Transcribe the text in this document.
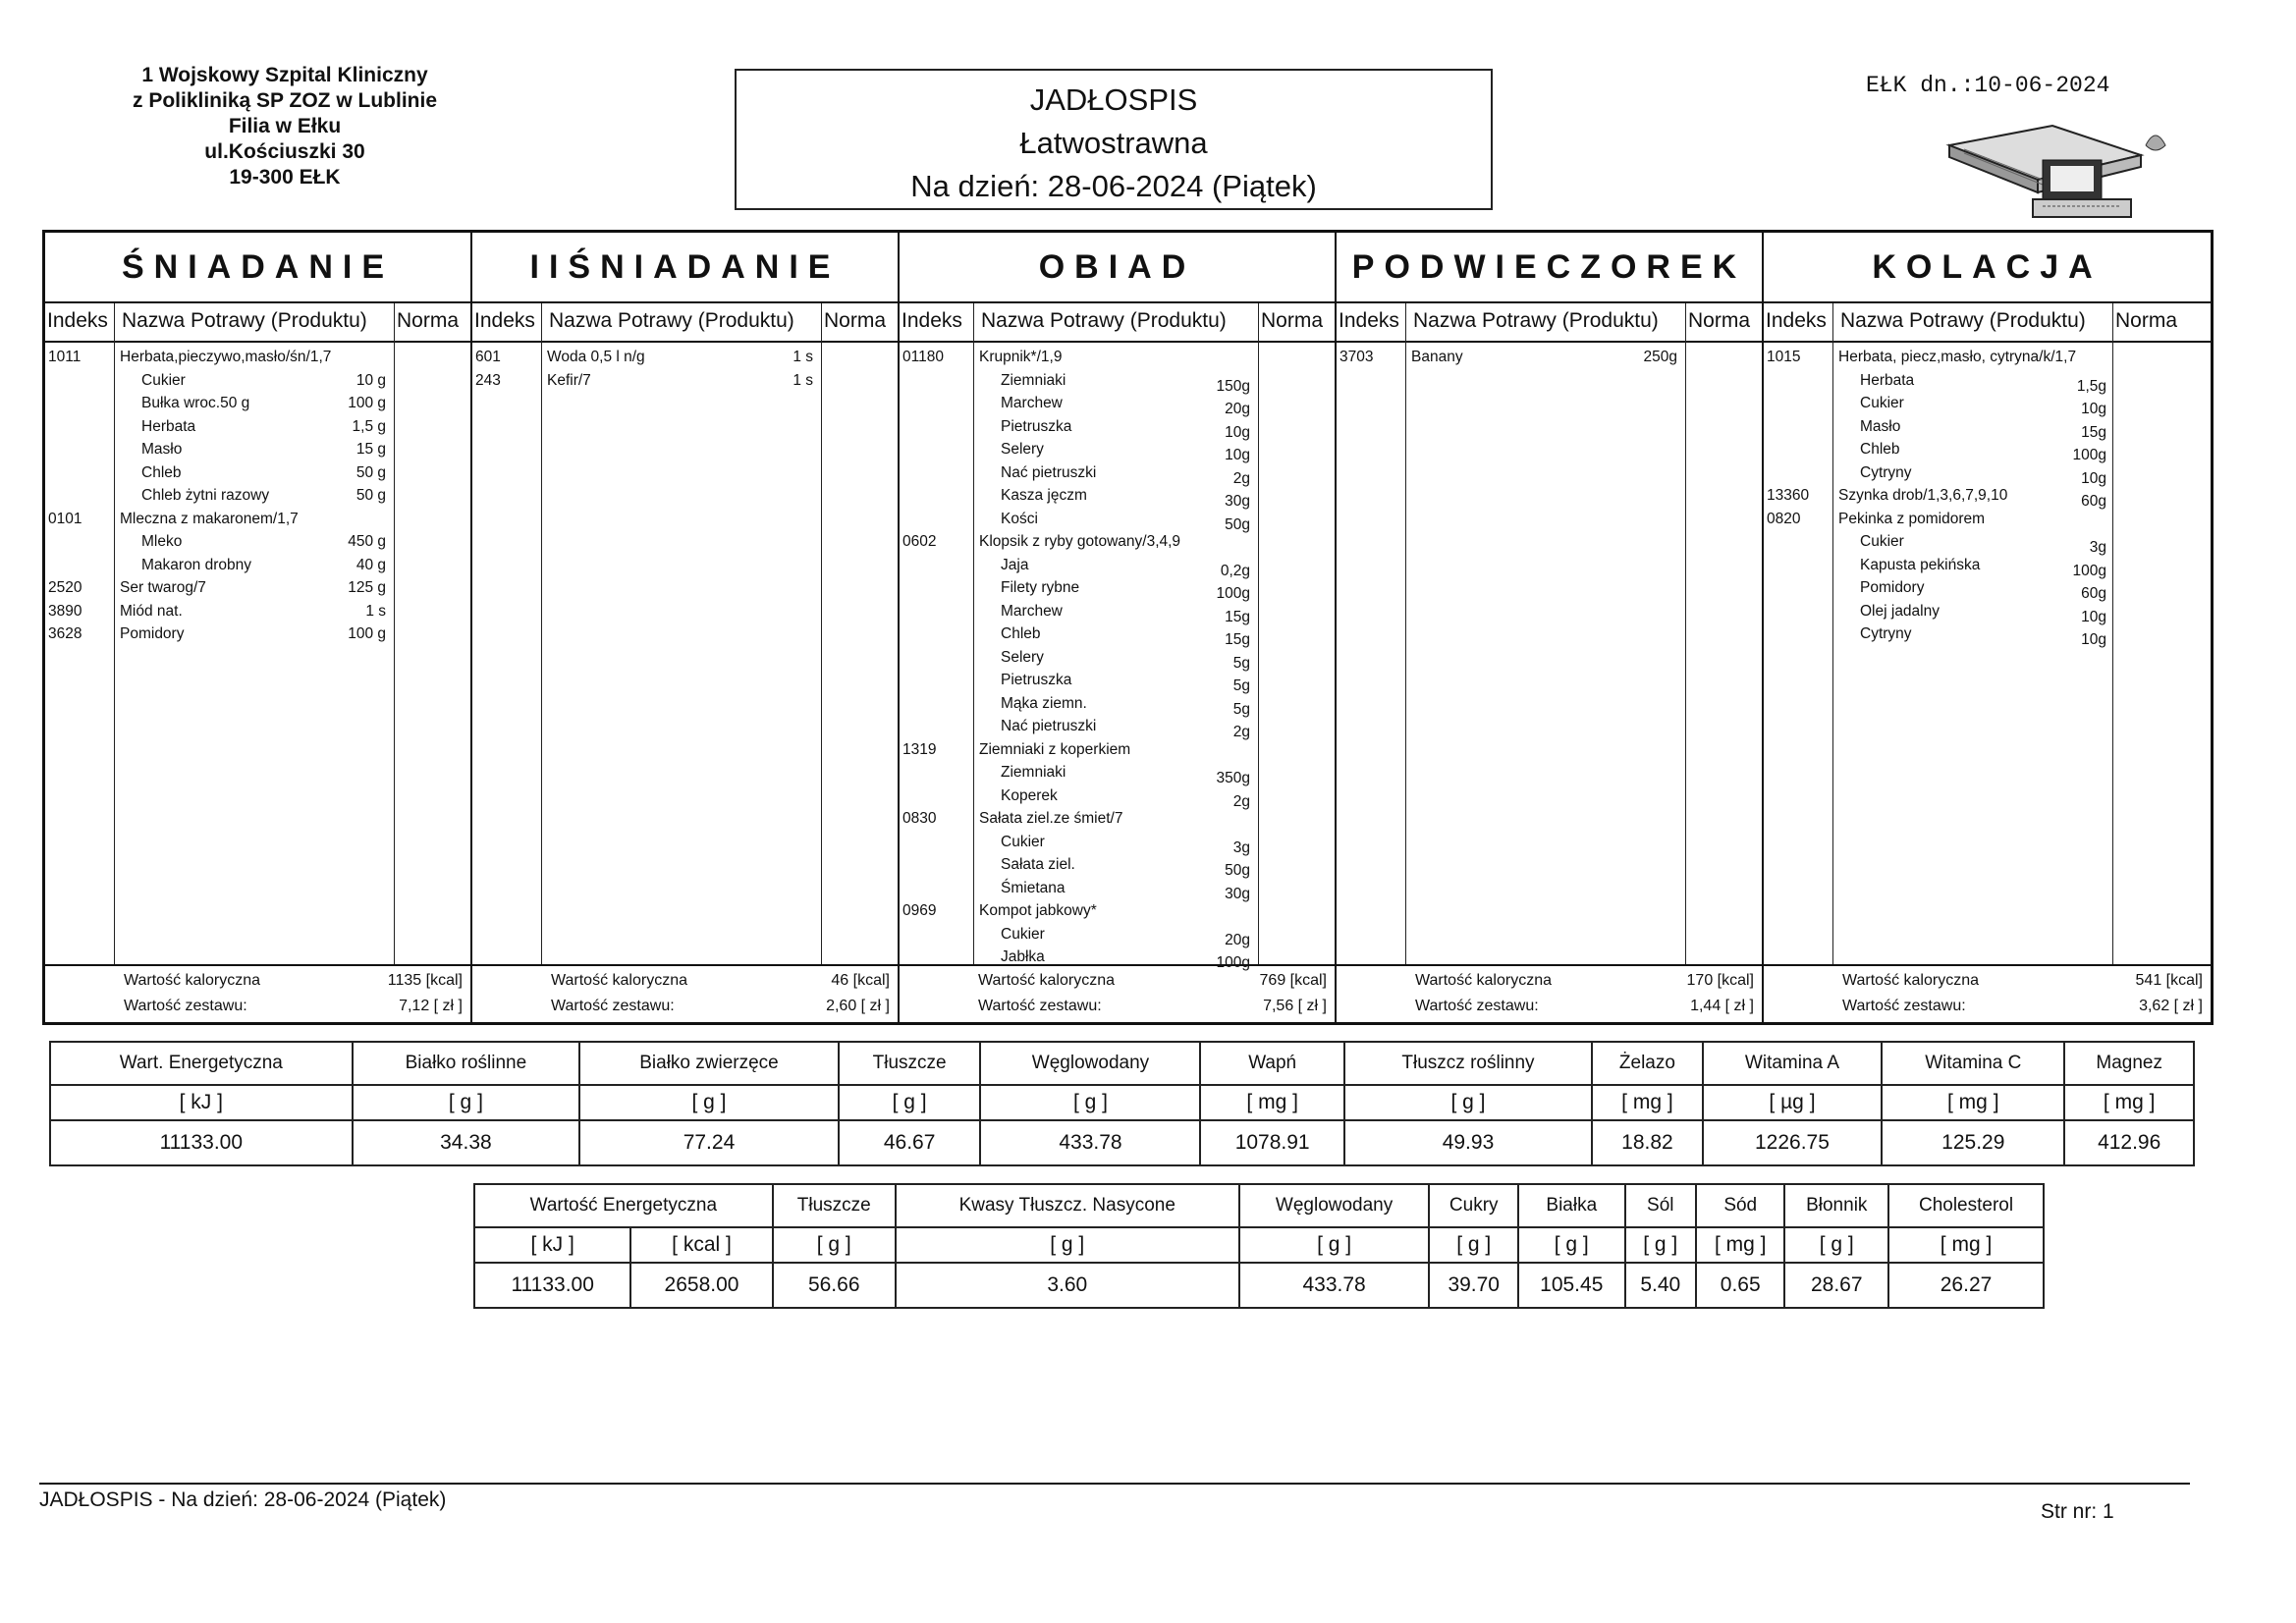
1 Wojskowy Szpital Kliniczny
z Polikliniką SP ZOZ w Lublinie
Filia w Ełku
ul.Kościuszki 30
19-300 EŁK
JADŁOSPIS
Łatwostrawna
Na dzień: 28-06-2024 (Piątek)
EŁK dn.:10-06-2024
ŚNIADANIE
Indeks Nazwa Potrawy (Produktu) Norma
1011	Herbata,pieczywo,masło/śn/1,7
Cukier	10 g
Bułka wroc.50 g	100 g
Herbata	1,5 g
Masło	15 g
Chleb	50 g
Chleb żytni razowy	50 g
0101 Mleczna z makaronem/1,7
Mleko	450 g
Makaron drobny	40 g
2520 Ser twarog/7	125 g
3890 Miód nat.	1 s
3628 Pomidory	100 g
Wartość kaloryczna	1135 [kcal]
Wartość zestawu:	7,12 [ zł ]
IIŚNIADANIE
Indeks Nazwa Potrawy (Produktu) Norma
601	Woda 0,5 l n/g	1 s
243	Kefir/7	1 s
Wartość kaloryczna	46 [kcal]
Wartość zestawu:	2,60 [ zł ]
OBIAD
Indeks Nazwa Potrawy (Produktu) Norma
01180 Krupnik*/1,9
Ziemniaki	150g
Marchew	20g
Pietruszka	10g
Selery	10g
Nać pietruszki	2g
Kasza jęczm	30g
Kości	50g
0602	Klopsik z ryby gotowany/3,4,9
Jaja	0,2g
Filety rybne	100g
Marchew	15g
Chleb	15g
Selery	5g
Pietruszka	5g
Mąka ziemn.	5g
Nać pietruszki	2g
1319	Ziemniaki z koperkiem
Ziemniaki	350g
Koperek	2g
0830	Sałata ziel.ze śmiet/7
Cukier	3g
Sałata ziel.	50g
Śmietana	30g
0969	Kompot jabkowy*
Cukier	20g
Jabłka	100g
Wartość kaloryczna	769 [kcal]
Wartość zestawu:	7,56 [ zł ]
PODWIECZOREK
Indeks Nazwa Potrawy (Produktu) Norma
3703 Banany	250g
Wartość kaloryczna	170 [kcal]
Wartość zestawu:	1,44 [ zł ]
KOLACJA
Indeks Nazwa Potrawy (Produktu) Norma
1015 Herbata, piecz,masło, cytryna/k/1,7
Herbata	1,5g
Cukier	10g
Masło	15g
Chleb	100g
Cytryny	10g
13360 Szynka drob/1,3,6,7,9,10	60g
0820 Pekinka z pomidorem
Cukier	3g
Kapusta pekińska	100g
Pomidory	60g
Olej jadalny	10g
Cytryny	10g
Wartość kaloryczna	541 [kcal]
Wartość zestawu:	3,62 [ zł ]
Wart. Energetyczna	Białko roślinne	Białko zwierzęce	Tłuszcze	Węglowodany	Wapń	Tłuszcz roślinny	Żelazo	Witamina A	Witamina C	Magnez
[ kJ ]	[ g ]	[ g ]	[ g ]	[ g ]	[ mg ]	[ g ]	[ mg ]	[ µg ]	[ mg ]	[ mg ]
11133.00	34.38	77.24	46.67	433.78	1078.91	49.93	18.82	1226.75	125.29	412.96
Wartość Energetyczna		Tłuszcze	Kwasy Tłuszcz. Nasycone	Węglowodany	Cukry	Białka	Sól	Sód	Błonnik	Cholesterol
[ kJ ]	[ kcal ]	[ g ]	[ g ]	[ g ]	[ g ]	[ g ]	[ g ]	[ mg ]	[ g ]	[ mg ]
11133.00	2658.00	56.66	3.60	433.78	39.70	105.45	5.40	0.65	28.67	26.27
JADŁOSPIS - Na dzień: 28-06-2024 (Piątek)
Str nr: 1
